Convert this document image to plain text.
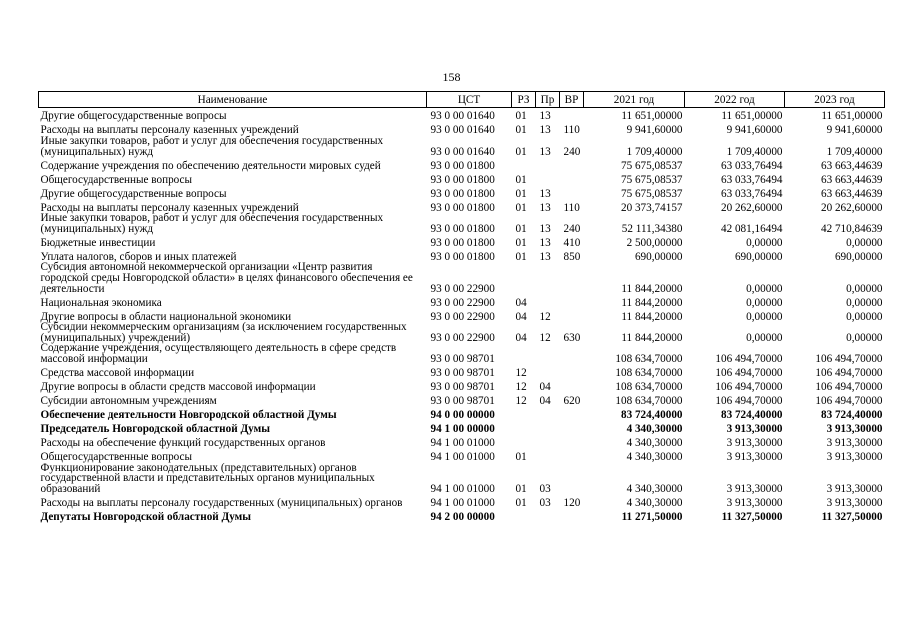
158
Наименование	ЦСТ	РЗ	Пр	ВР	2021 год	2022 год	2023 год
Другие общегосударственные вопросы	93 0 00 01640	01	13		11 651,00000	11 651,00000	11 651,00000
Расходы на выплаты персоналу казенных учреждений	93 0 00 01640	01	13	110	9 941,60000	9 941,60000	9 941,60000
Иные закупки товаров, работ и услуг для обеспечения государственных (муниципальных) нужд	93 0 00 01640	01	13	240	1 709,40000	1 709,40000	1 709,40000
Содержание учреждения по обеспечению деятельности мировых судей	93 0 00 01800				75 675,08537	63 033,76494	63 663,44639
Общегосударственные вопросы	93 0 00 01800	01			75 675,08537	63 033,76494	63 663,44639
Другие общегосударственные вопросы	93 0 00 01800	01	13		75 675,08537	63 033,76494	63 663,44639
Расходы на выплаты персоналу казенных учреждений	93 0 00 01800	01	13	110	20 373,74157	20 262,60000	20 262,60000
Иные закупки товаров, работ и услуг для обеспечения государственных (муниципальных) нужд	93 0 00 01800	01	13	240	52 111,34380	42 081,16494	42 710,84639
Бюджетные инвестиции	93 0 00 01800	01	13	410	2 500,00000	0,00000	0,00000
Уплата налогов, сборов и иных платежей	93 0 00 01800	01	13	850	690,00000	690,00000	690,00000
Субсидия автономной некоммерческой организации «Центр развития городской среды Новгородской области» в целях финансового обеспечения ее деятельности	93 0 00 22900				11 844,20000	0,00000	0,00000
Национальная экономика	93 0 00 22900	04			11 844,20000	0,00000	0,00000
Другие вопросы в области национальной экономики	93 0 00 22900	04	12		11 844,20000	0,00000	0,00000
Субсидии некоммерческим организациям (за исключением государственных (муниципальных) учреждений)	93 0 00 22900	04	12	630	11 844,20000	0,00000	0,00000
Содержание учреждения, осуществляющего деятельность в сфере средств массовой информации	93 0 00 98701				108 634,70000	106 494,70000	106 494,70000
Средства массовой информации	93 0 00 98701	12			108 634,70000	106 494,70000	106 494,70000
Другие вопросы в области средств массовой информации	93 0 00 98701	12	04		108 634,70000	106 494,70000	106 494,70000
Субсидии автономным учреждениям	93 0 00 98701	12	04	620	108 634,70000	106 494,70000	106 494,70000
Обеспечение деятельности Новгородской областной Думы	94 0 00 00000				83 724,40000	83 724,40000	83 724,40000
Председатель Новгородской областной Думы	94 1 00 00000				4 340,30000	3 913,30000	3 913,30000
Расходы на обеспечение функций государственных органов	94 1 00 01000				4 340,30000	3 913,30000	3 913,30000
Общегосударственные вопросы	94 1 00 01000	01			4 340,30000	3 913,30000	3 913,30000
Функционирование законодательных (представительных) органов государственной власти и представительных органов муниципальных образований	94 1 00 01000	01	03		4 340,30000	3 913,30000	3 913,30000
Расходы на выплаты персоналу государственных (муниципальных) органов	94 1 00 01000	01	03	120	4 340,30000	3 913,30000	3 913,30000
Депутаты Новгородской областной Думы	94 2 00 00000				11 271,50000	11 327,50000	11 327,50000
